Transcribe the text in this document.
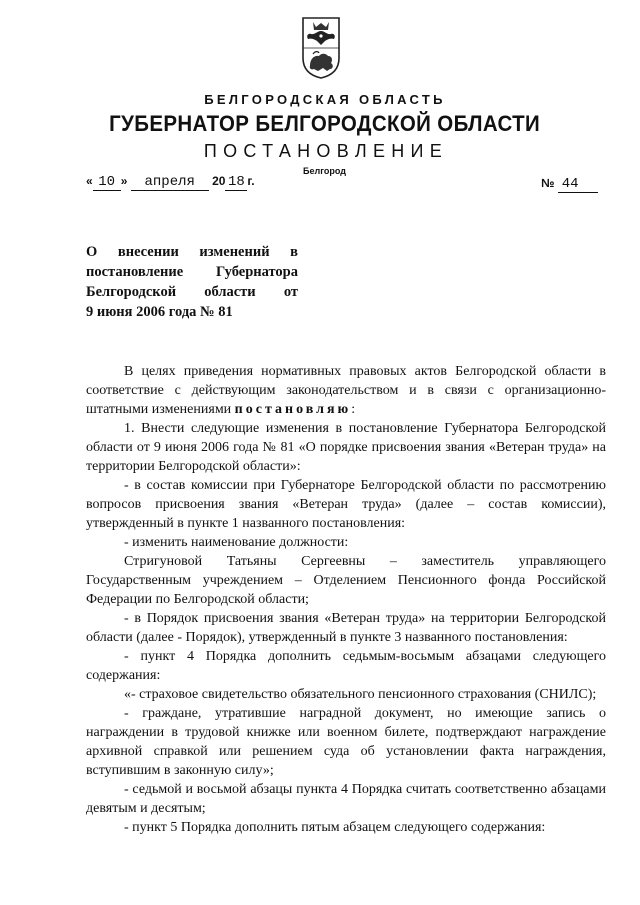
БЕЛГОРОДСКАЯ ОБЛАСТЬ
ГУБЕРНАТОР БЕЛГОРОДСКОЙ ОБЛАСТИ
ПОСТАНОВЛЕНИЕ
Белгород
« 10 » апреля 20 18 г.	№ 44
О внесении изменений в
постановление Губернатора
Белгородской области от
9 июня 2006 года № 81

В целях приведения нормативных правовых актов Белгородской области в соответствие с действующим законодательством и в связи с организационно-штатными изменениями постановляю:

1. Внести следующие изменения в постановление Губернатора Белгородской области от 9 июня 2006 года № 81 «О порядке присвоения звания «Ветеран труда» на территории Белгородской области»:

- в состав комиссии при Губернаторе Белгородской области по рассмотрению вопросов присвоения звания «Ветеран труда» (далее – состав комиссии), утвержденный в пункте 1 названного постановления:

- изменить наименование должности:

Стригуновой Татьяны Сергеевны – заместитель управляющего Государственным учреждением – Отделением Пенсионного фонда Российской Федерации по Белгородской области;

- в Порядок присвоения звания «Ветеран труда» на территории Белгородской области (далее - Порядок), утвержденный в пункте 3 названного постановления:

- пункт 4 Порядка дополнить седьмым-восьмым абзацами следующего содержания:

«- страховое свидетельство обязательного пенсионного страхования (СНИЛС);

- граждане, утратившие наградной документ, но имеющие запись о награждении в трудовой книжке или военном билете, подтверждают награждение архивной справкой или решением суда об установлении факта награждения, вступившим в законную силу»;

- седьмой и восьмой абзацы пункта 4 Порядка считать соответственно абзацами девятым и десятым;

- пункт 5 Порядка дополнить пятым абзацем следующего содержания:
